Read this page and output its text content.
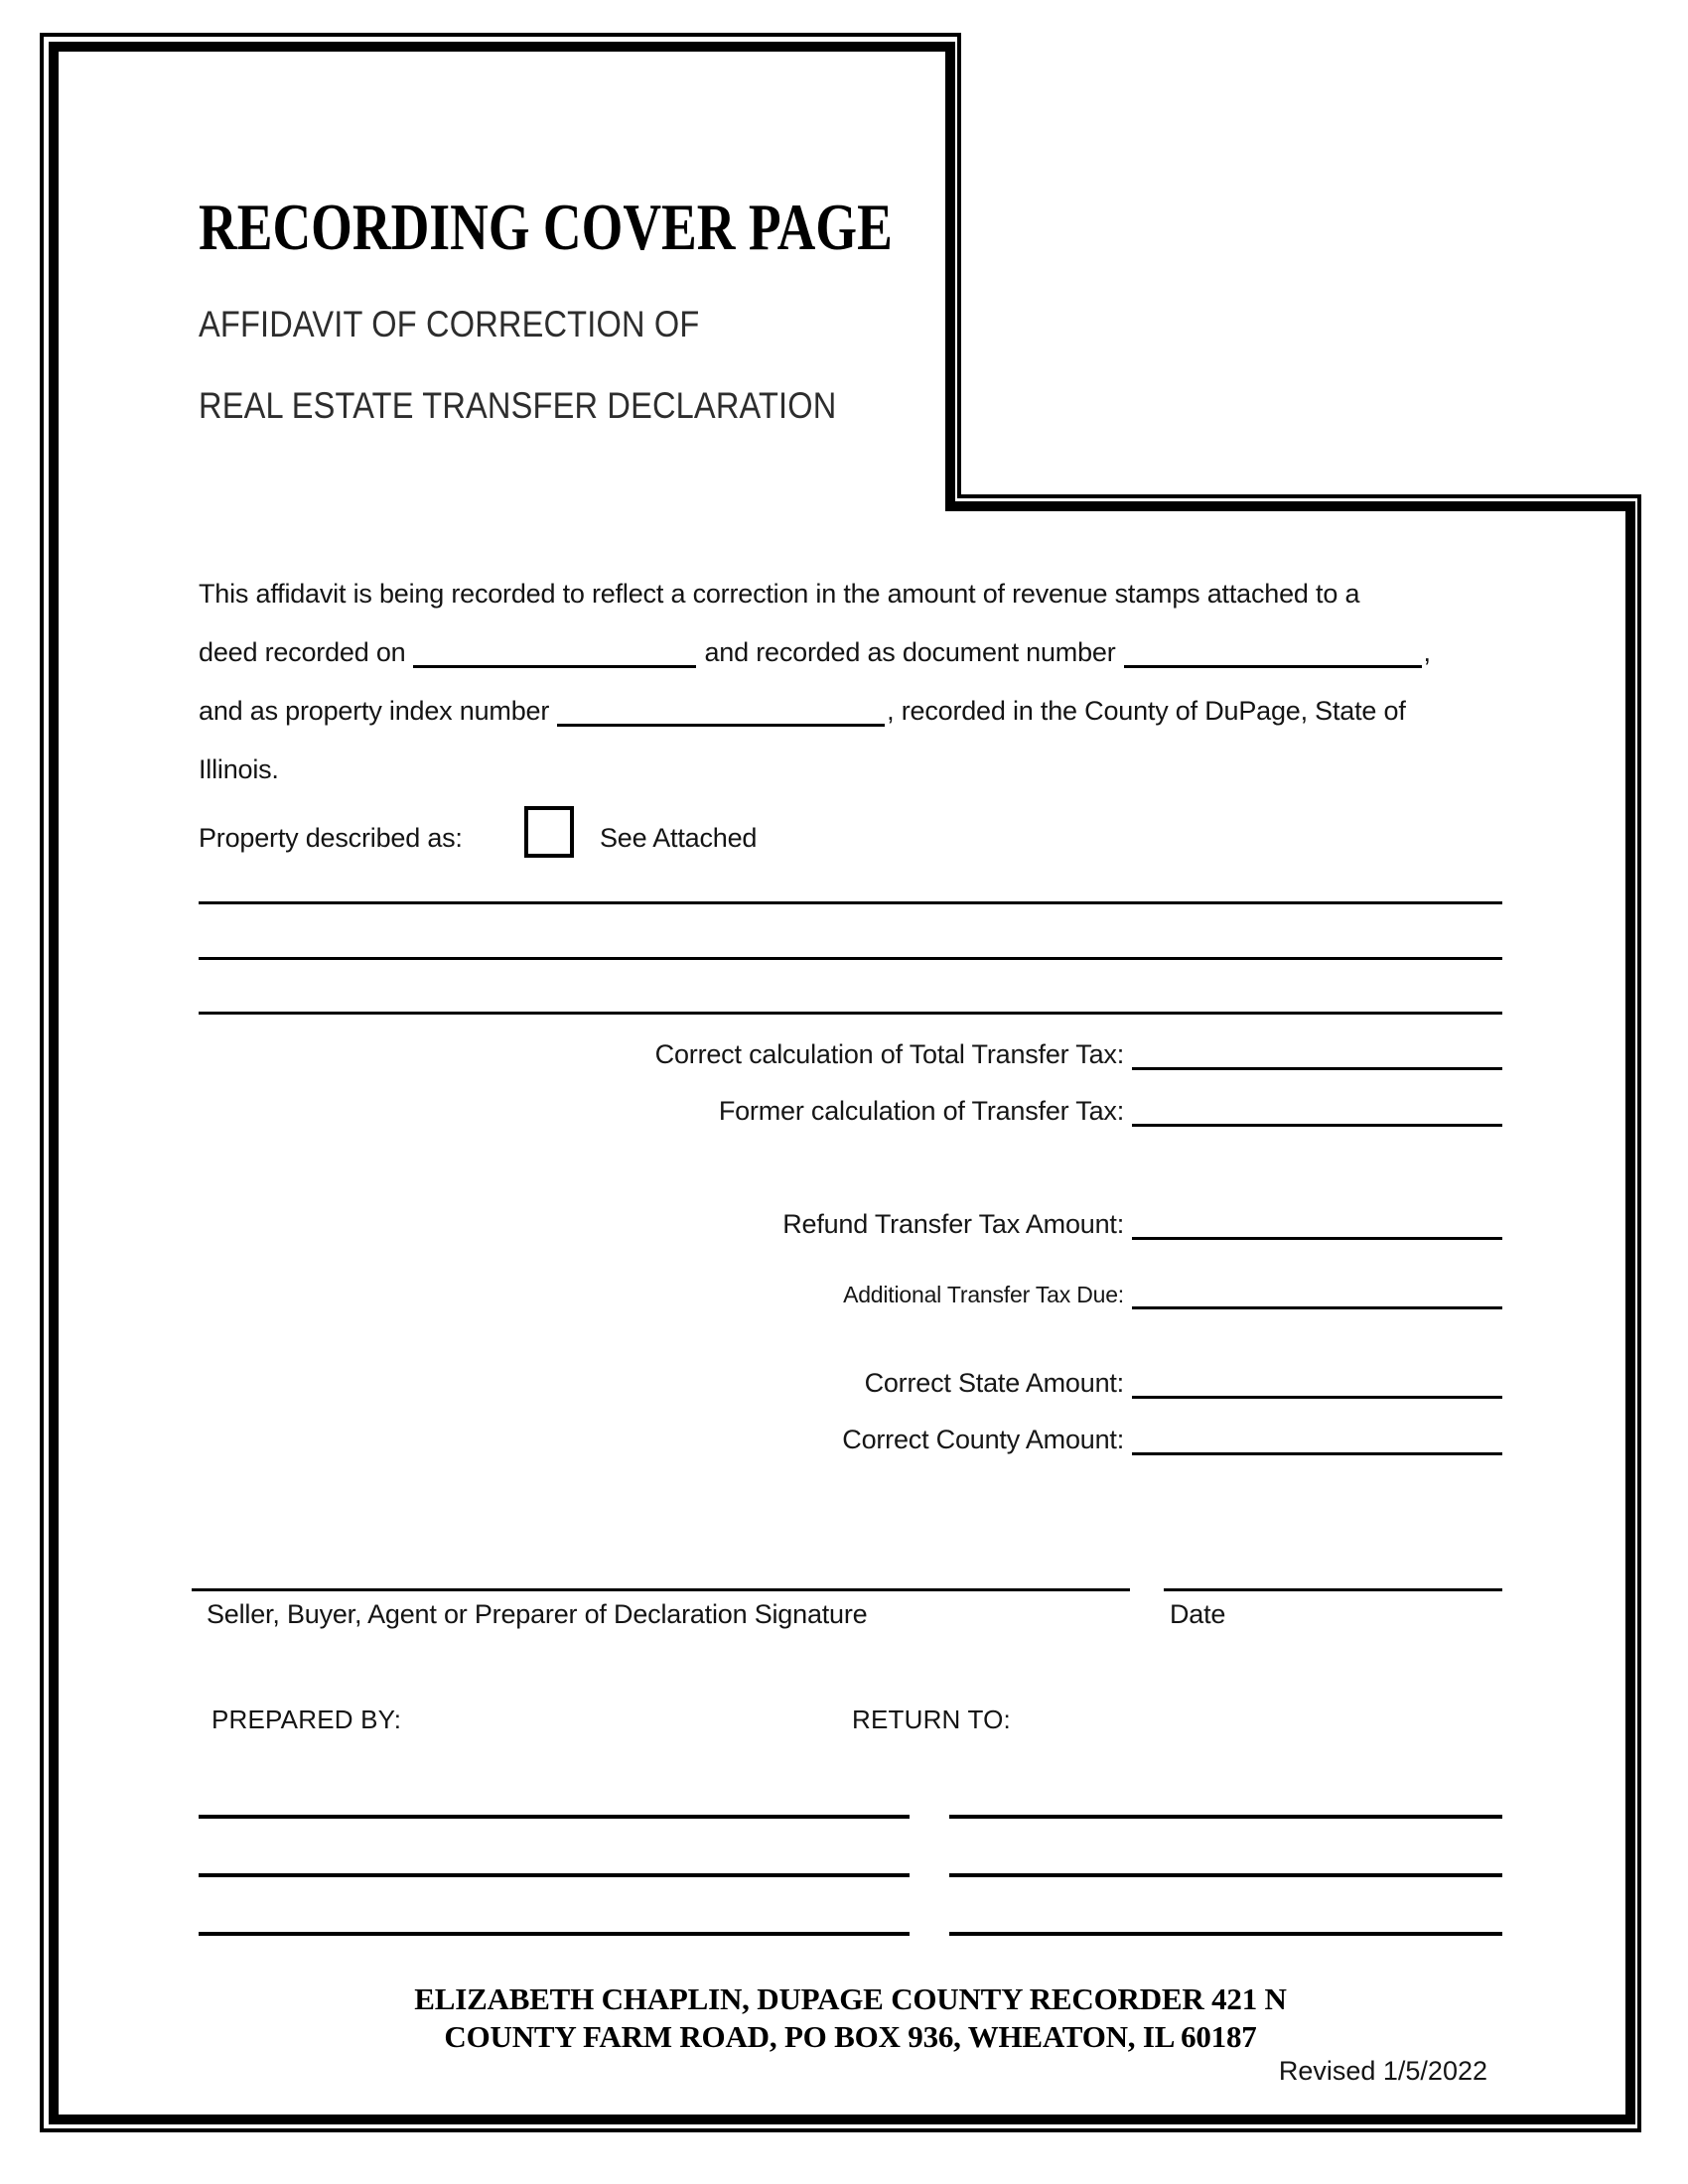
RECORDING COVER PAGE
AFFIDAVIT OF CORRECTION OF
REAL ESTATE TRANSFER DECLARATION
This affidavit is being recorded to reflect a correction in the amount of revenue stamps attached to a
deed recorded on	and recorded as document number	,
and as property index number	, recorded in the County of DuPage, State of
Illinois.
Property described as:	See Attached
Correct calculation of Total Transfer Tax:
Former calculation of Transfer Tax:
Refund Transfer Tax Amount:
Additional Transfer Tax Due:
Correct State Amount:
Correct County Amount:
Seller, Buyer, Agent or Preparer of Declaration Signature	Date
PREPARED BY:	RETURN TO:
ELIZABETH CHAPLIN, DUPAGE COUNTY RECORDER 421 N
COUNTY FARM ROAD, PO BOX 936, WHEATON, IL 60187
Revised 1/5/2022
